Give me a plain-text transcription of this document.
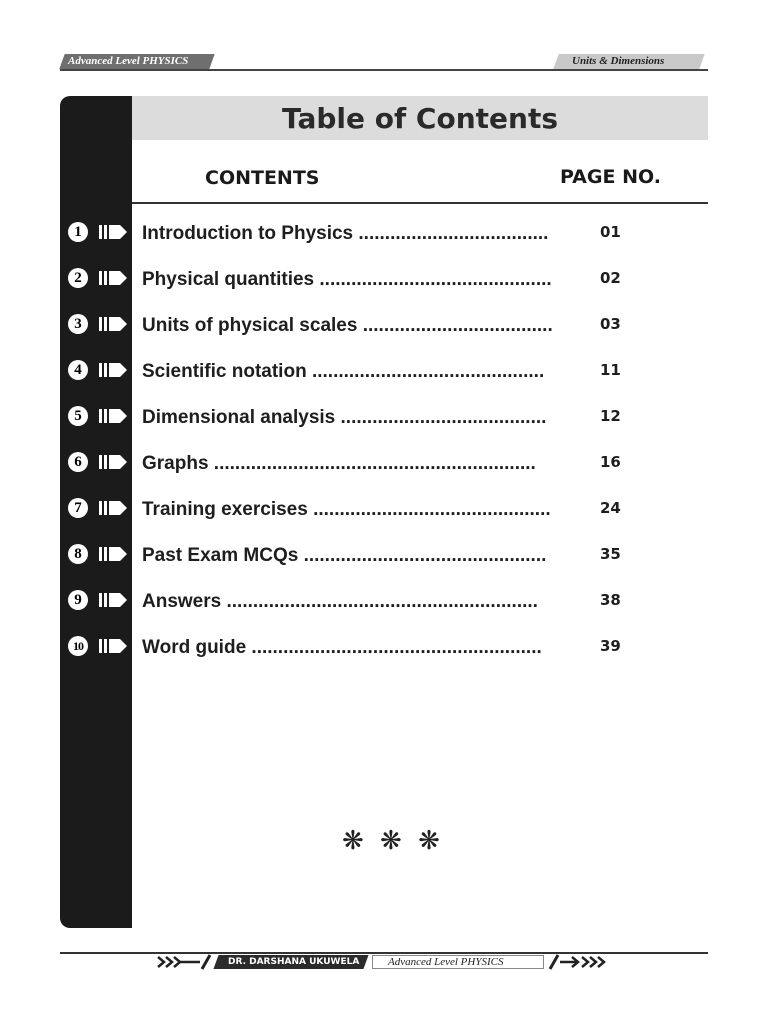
Advanced Level PHYSICS	Units & Dimensions
Table of Contents
CONTENTS	PAGE NO.
1	Introduction to Physics ....................................	01
2	Physical quantities ............................................	02
3	Units of physical scales ....................................	03
4	Scientific notation ............................................	11
5	Dimensional analysis .......................................	12
6	Graphs .............................................................	16
7	Training exercises .............................................	24
8	Past Exam MCQs ..............................................	35
9	Answers ...........................................................	38
10	Word guide .......................................................	39
❋ ❋ ❋
DR. DARSHANA UKUWELA	Advanced Level PHYSICS
